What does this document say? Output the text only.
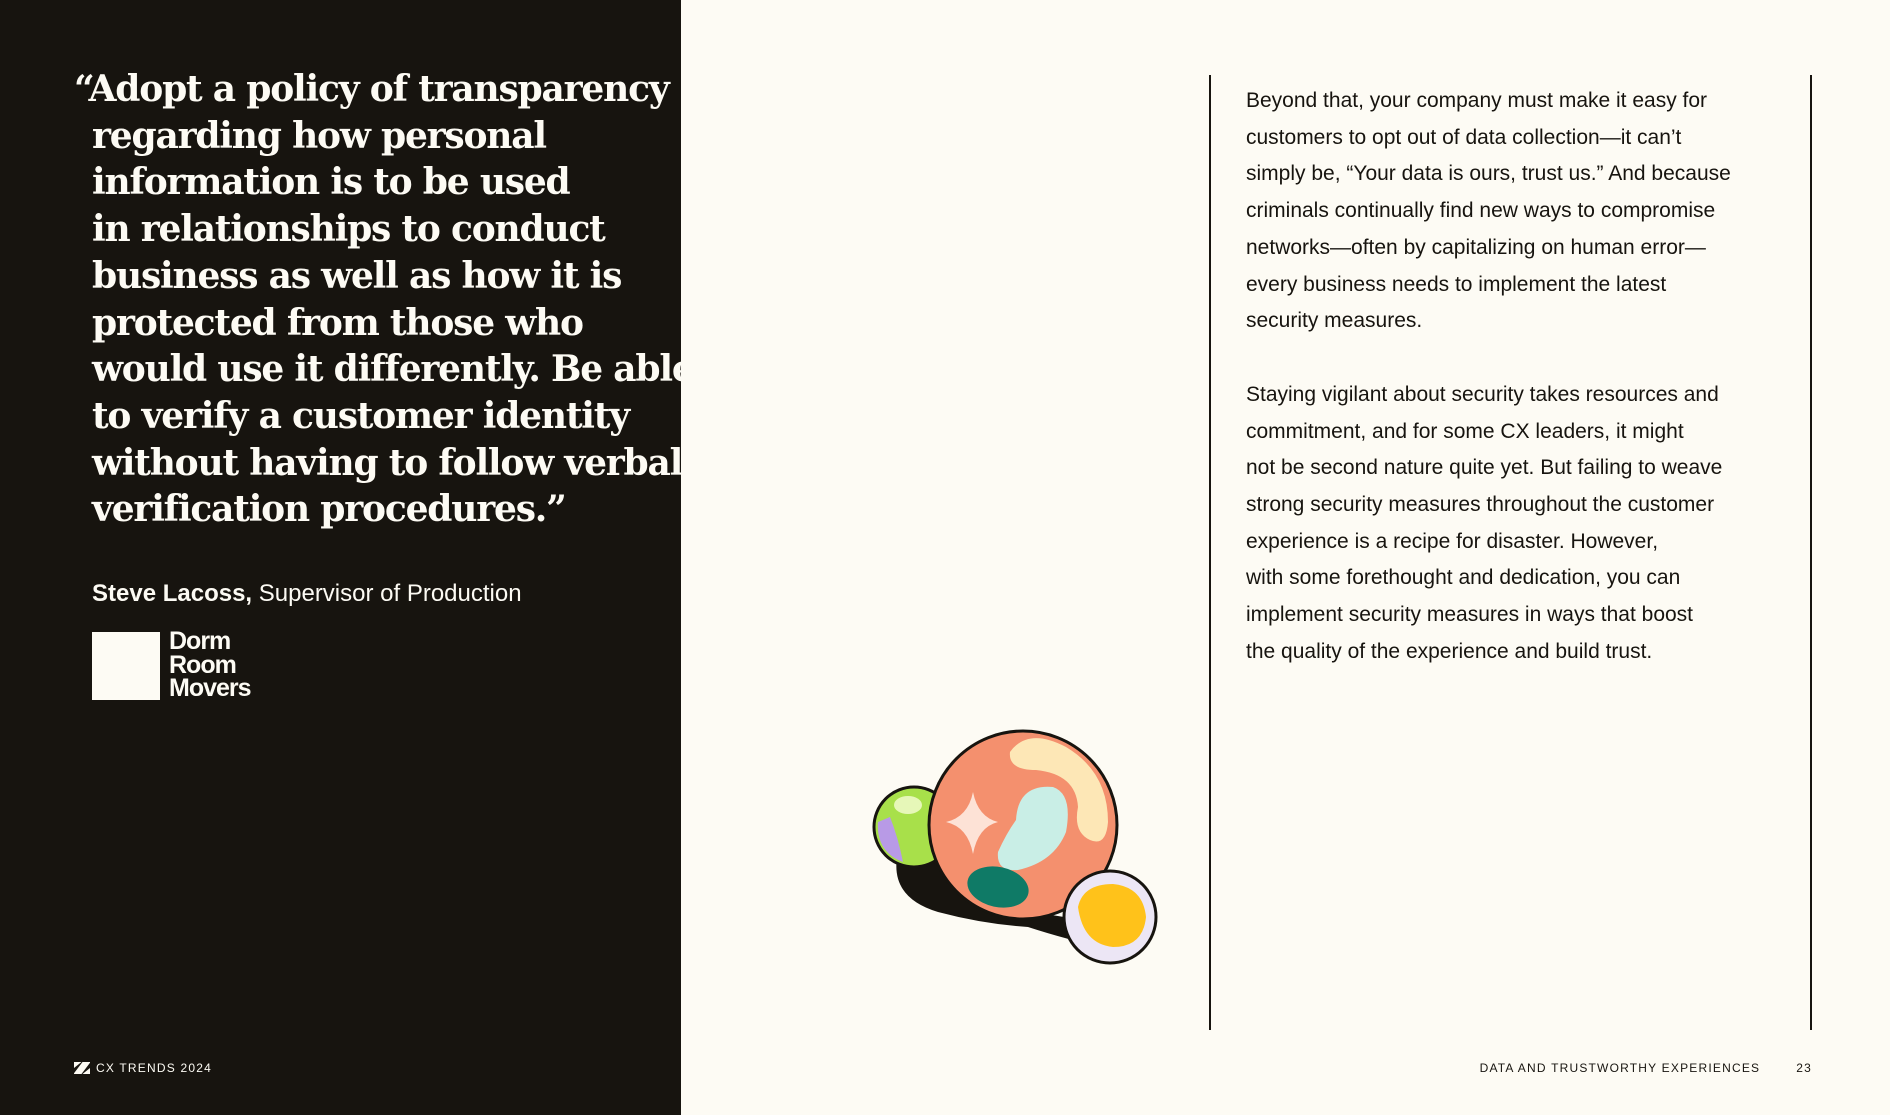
“Adopt a policy of transparency
regarding how personal
information is to be used
in relationships to conduct
business as well as how it is
protected from those who
would use it differently. Be able
to verify a customer identity
without having to follow verbal
verification procedures.”
Steve Lacoss, Supervisor of Production
Dorm
Room
Movers
CX TRENDS 2024

Beyond that, your company must make it easy for
customers to opt out of data collection—it can’t
simply be, “Your data is ours, trust us.” And because
criminals continually find new ways to compromise
networks—often by capitalizing on human error—
every business needs to implement the latest
security measures.

Staying vigilant about security takes resources and
commitment, and for some CX leaders, it might
not be second nature quite yet. But failing to weave
strong security measures throughout the customer
experience is a recipe for disaster. However,
with some forethought and dedication, you can
implement security measures in ways that boost
the quality of the experience and build trust.

DATA AND TRUSTWORTHY EXPERIENCES	23
